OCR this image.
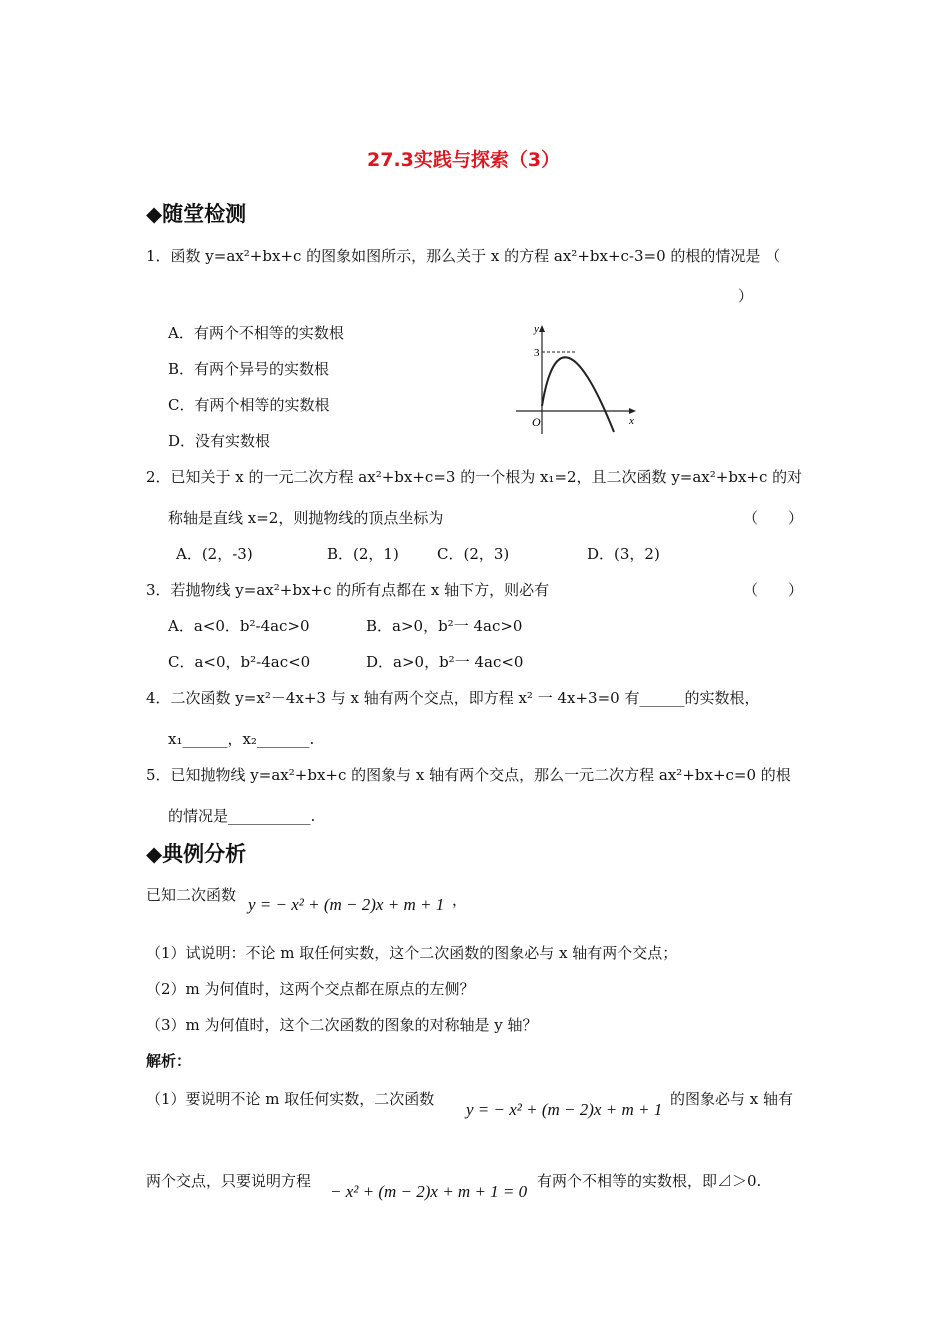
27.3实践与探索（3）
◆随堂检测
1．函数 y=ax²+bx+c 的图象如图所示，那么关于 x 的方程 ax²+bx+c-3=0 的根的情况是 （
）
A．有两个不相等的实数根
B．有两个异号的实数根
C．有两个相等的实数根
D．没有实数根
y
3
O	x
2．已知关于 x 的一元二次方程 ax²+bx+c=3 的一个根为 x₁=2，且二次函数 y=ax²+bx+c 的对
称轴是直线 x=2，则抛物线的顶点坐标为	（　　）
A．(2，-3)	B．(2，1)	C．(2，3)	D．(3，2)
3．若抛物线 y=ax²+bx+c 的所有点都在 x 轴下方，则必有	（　　）
A．a<0．b²-4ac>0	B．a>0，b²一 4ac>0
C．a<0，b²-4ac<0	D．a>0，b²一 4ac<0
4．二次函数 y=x²－4x+3 与 x 轴有两个交点，即方程 x² 一 4x+3=0 有______的实数根，
x₁______，x₂_______.
5．已知抛物线 y=ax²+bx+c 的图象与 x 轴有两个交点，那么一元二次方程 ax²+bx+c=0 的根
的情况是___________.
◆典例分析
已知二次函数 y = − x² + (m − 2)x + m + 1 ，
（1）试说明：不论 m 取任何实数，这个二次函数的图象必与 x 轴有两个交点；
（2）m 为何值时，这两个交点都在原点的左侧？
（3）m 为何值时，这个二次函数的图象的对称轴是 y 轴？
解析：
（1）要说明不论 m 取任何实数，二次函数
y = − x² + (m − 2)x + m + 1
的图象必与 x 轴有
两个交点，只要说明方程
− x² + (m − 2)x + m + 1 = 0
有两个不相等的实数根，即⊿＞0.
